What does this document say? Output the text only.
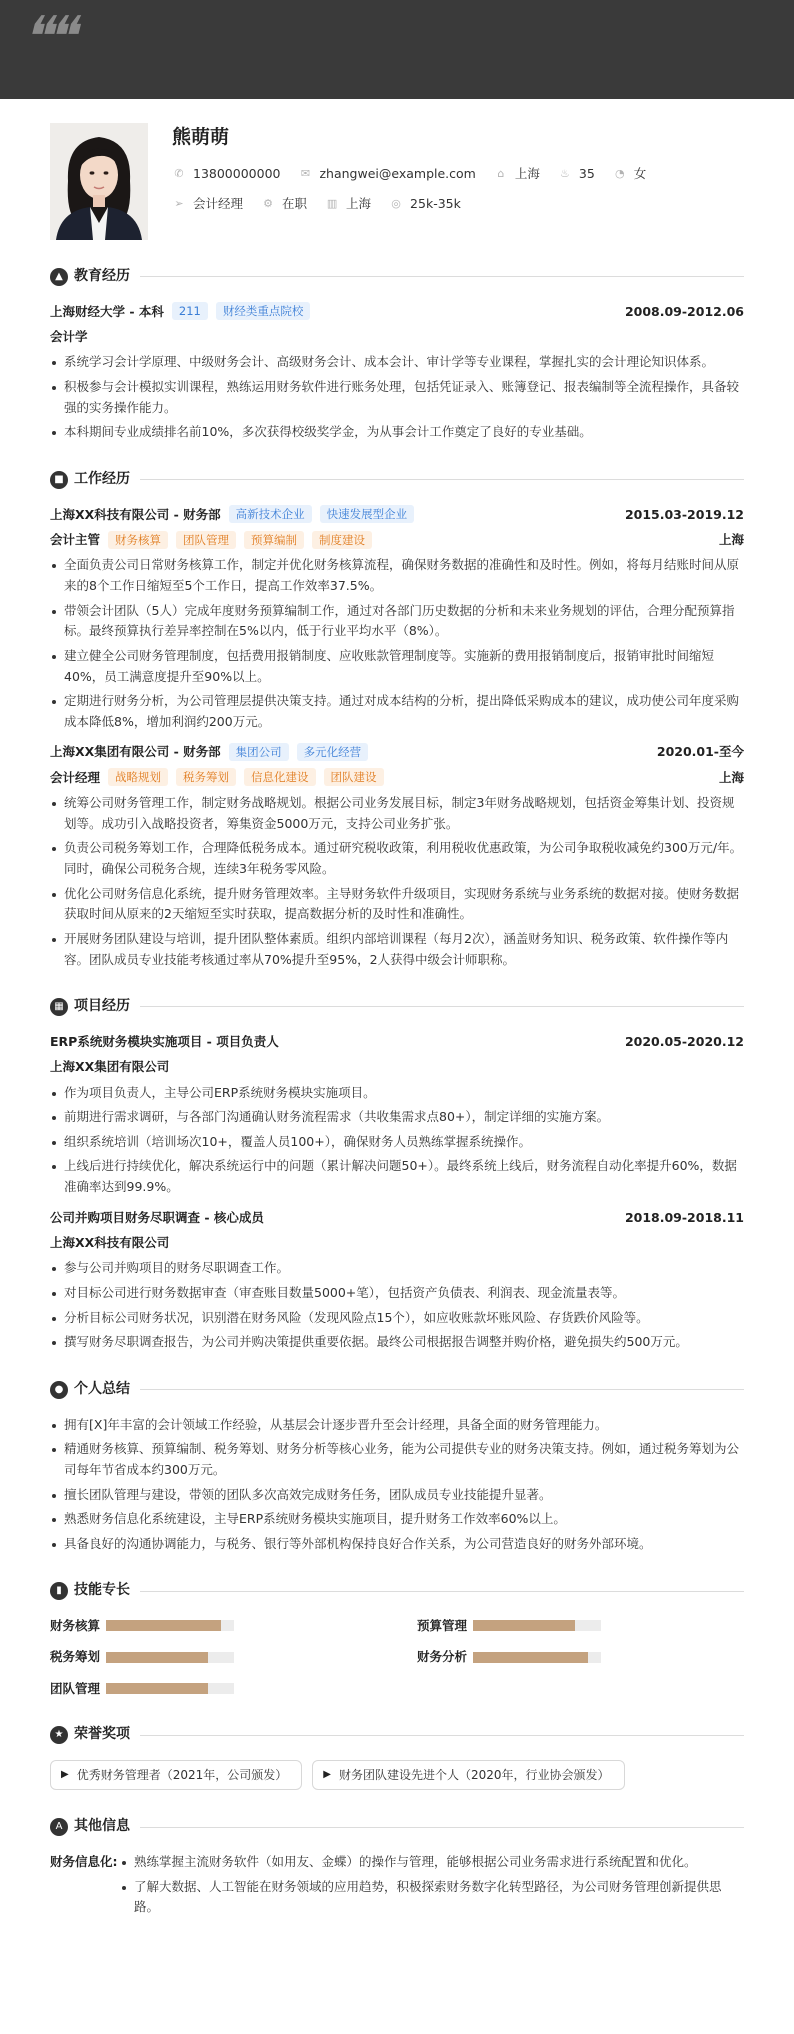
❝❝
熊萌萌
✆ 13800000000 ✉ zhangwei@example.com	⌂ 上海 ♨ 35 ◔ 女
➢ 会计经理 ⚙ 在职 ▥ 上海 ◎ 25k-35k
▲ 教育经历
上海财经大学 - 本科	211	财经类重点院校	2008.09-2012.06
会计学
系统学习会计学原理、中级财务会计、高级财务会计、成本会计、审计学等专业课程，掌握扎实的会计理论知识体系。
积极参与会计模拟实训课程，熟练运用财务软件进行账务处理，包括凭证录入、账簿登记、报表编制等全流程操作，具备较强的实务操作能力。
本科期间专业成绩排名前10%，多次获得校级奖学金，为从事会计工作奠定了良好的专业基础。
■ 工作经历
上海XX科技有限公司 - 财务部	高新技术企业	快速发展型企业	2015.03-2019.12
会计主管	财务核算	团队管理	预算编制	制度建设	上海
全面负责公司日常财务核算工作，制定并优化财务核算流程，确保财务数据的准确性和及时性。例如，将每月结账时间从原来的8个工作日缩短至5个工作日，提高工作效率37.5%。
带领会计团队（5人）完成年度财务预算编制工作，通过对各部门历史数据的分析和未来业务规划的评估，合理分配预算指标。最终预算执行差异率控制在5%以内，低于行业平均水平（8%）。
建立健全公司财务管理制度，包括费用报销制度、应收账款管理制度等。实施新的费用报销制度后，报销审批时间缩短40%，员工满意度提升至90%以上。
定期进行财务分析，为公司管理层提供决策支持。通过对成本结构的分析，提出降低采购成本的建议，成功使公司年度采购成本降低8%，增加利润约200万元。
上海XX集团有限公司 - 财务部	集团公司	多元化经营	2020.01-至今
会计经理	战略规划	税务筹划	信息化建设	团队建设	上海
统筹公司财务管理工作，制定财务战略规划。根据公司业务发展目标，制定3年财务战略规划，包括资金筹集计划、投资规划等。成功引入战略投资者，筹集资金5000万元，支持公司业务扩张。
负责公司税务筹划工作，合理降低税务成本。通过研究税收政策，利用税收优惠政策，为公司争取税收减免约300万元/年。同时，确保公司税务合规，连续3年税务零风险。
优化公司财务信息化系统，提升财务管理效率。主导财务软件升级项目，实现财务系统与业务系统的数据对接。使财务数据获取时间从原来的2天缩短至实时获取，提高数据分析的及时性和准确性。
开展财务团队建设与培训，提升团队整体素质。组织内部培训课程（每月2次），涵盖财务知识、税务政策、软件操作等内容。团队成员专业技能考核通过率从70%提升至95%，2人获得中级会计师职称。
▦ 项目经历
ERP系统财务模块实施项目 - 项目负责人	2020.05-2020.12
上海XX集团有限公司
作为项目负责人，主导公司ERP系统财务模块实施项目。
前期进行需求调研，与各部门沟通确认财务流程需求（共收集需求点80+），制定详细的实施方案。
组织系统培训（培训场次10+，覆盖人员100+），确保财务人员熟练掌握系统操作。
上线后进行持续优化，解决系统运行中的问题（累计解决问题50+）。最终系统上线后，财务流程自动化率提升60%，数据准确率达到99.9%。
公司并购项目财务尽职调查 - 核心成员	2018.09-2018.11
上海XX科技有限公司
参与公司并购项目的财务尽职调查工作。
对目标公司进行财务数据审查（审查账目数量5000+笔），包括资产负债表、利润表、现金流量表等。
分析目标公司财务状况，识别潜在财务风险（发现风险点15个），如应收账款坏账风险、存货跌价风险等。
撰写财务尽职调查报告，为公司并购决策提供重要依据。最终公司根据报告调整并购价格，避免损失约500万元。
● 个人总结
拥有[X]年丰富的会计领域工作经验，从基层会计逐步晋升至会计经理，具备全面的财务管理能力。
精通财务核算、预算编制、税务筹划、财务分析等核心业务，能为公司提供专业的财务决策支持。例如，通过税务筹划为公司每年节省成本约300万元。
擅长团队管理与建设，带领的团队多次高效完成财务任务，团队成员专业技能提升显著。
熟悉财务信息化系统建设，主导ERP系统财务模块实施项目，提升财务工作效率60%以上。
具备良好的沟通协调能力，与税务、银行等外部机构保持良好合作关系，为公司营造良好的财务外部环境。
▮ 技能专长
财务核算	预算管理
税务筹划	财务分析
团队管理
★ 荣誉奖项
▶ 优秀财务管理者（2021年，公司颁发）	▶ 财务团队建设先进个人（2020年，行业协会颁发）
A 其他信息
财务信息化:	熟练掌握主流财务软件（如用友、金蝶）的操作与管理，能够根据公司业务需求进行系统配置和优化。
了解大数据、人工智能在财务领域的应用趋势，积极探索财务数字化转型路径，为公司财务管理创新提供思路。
